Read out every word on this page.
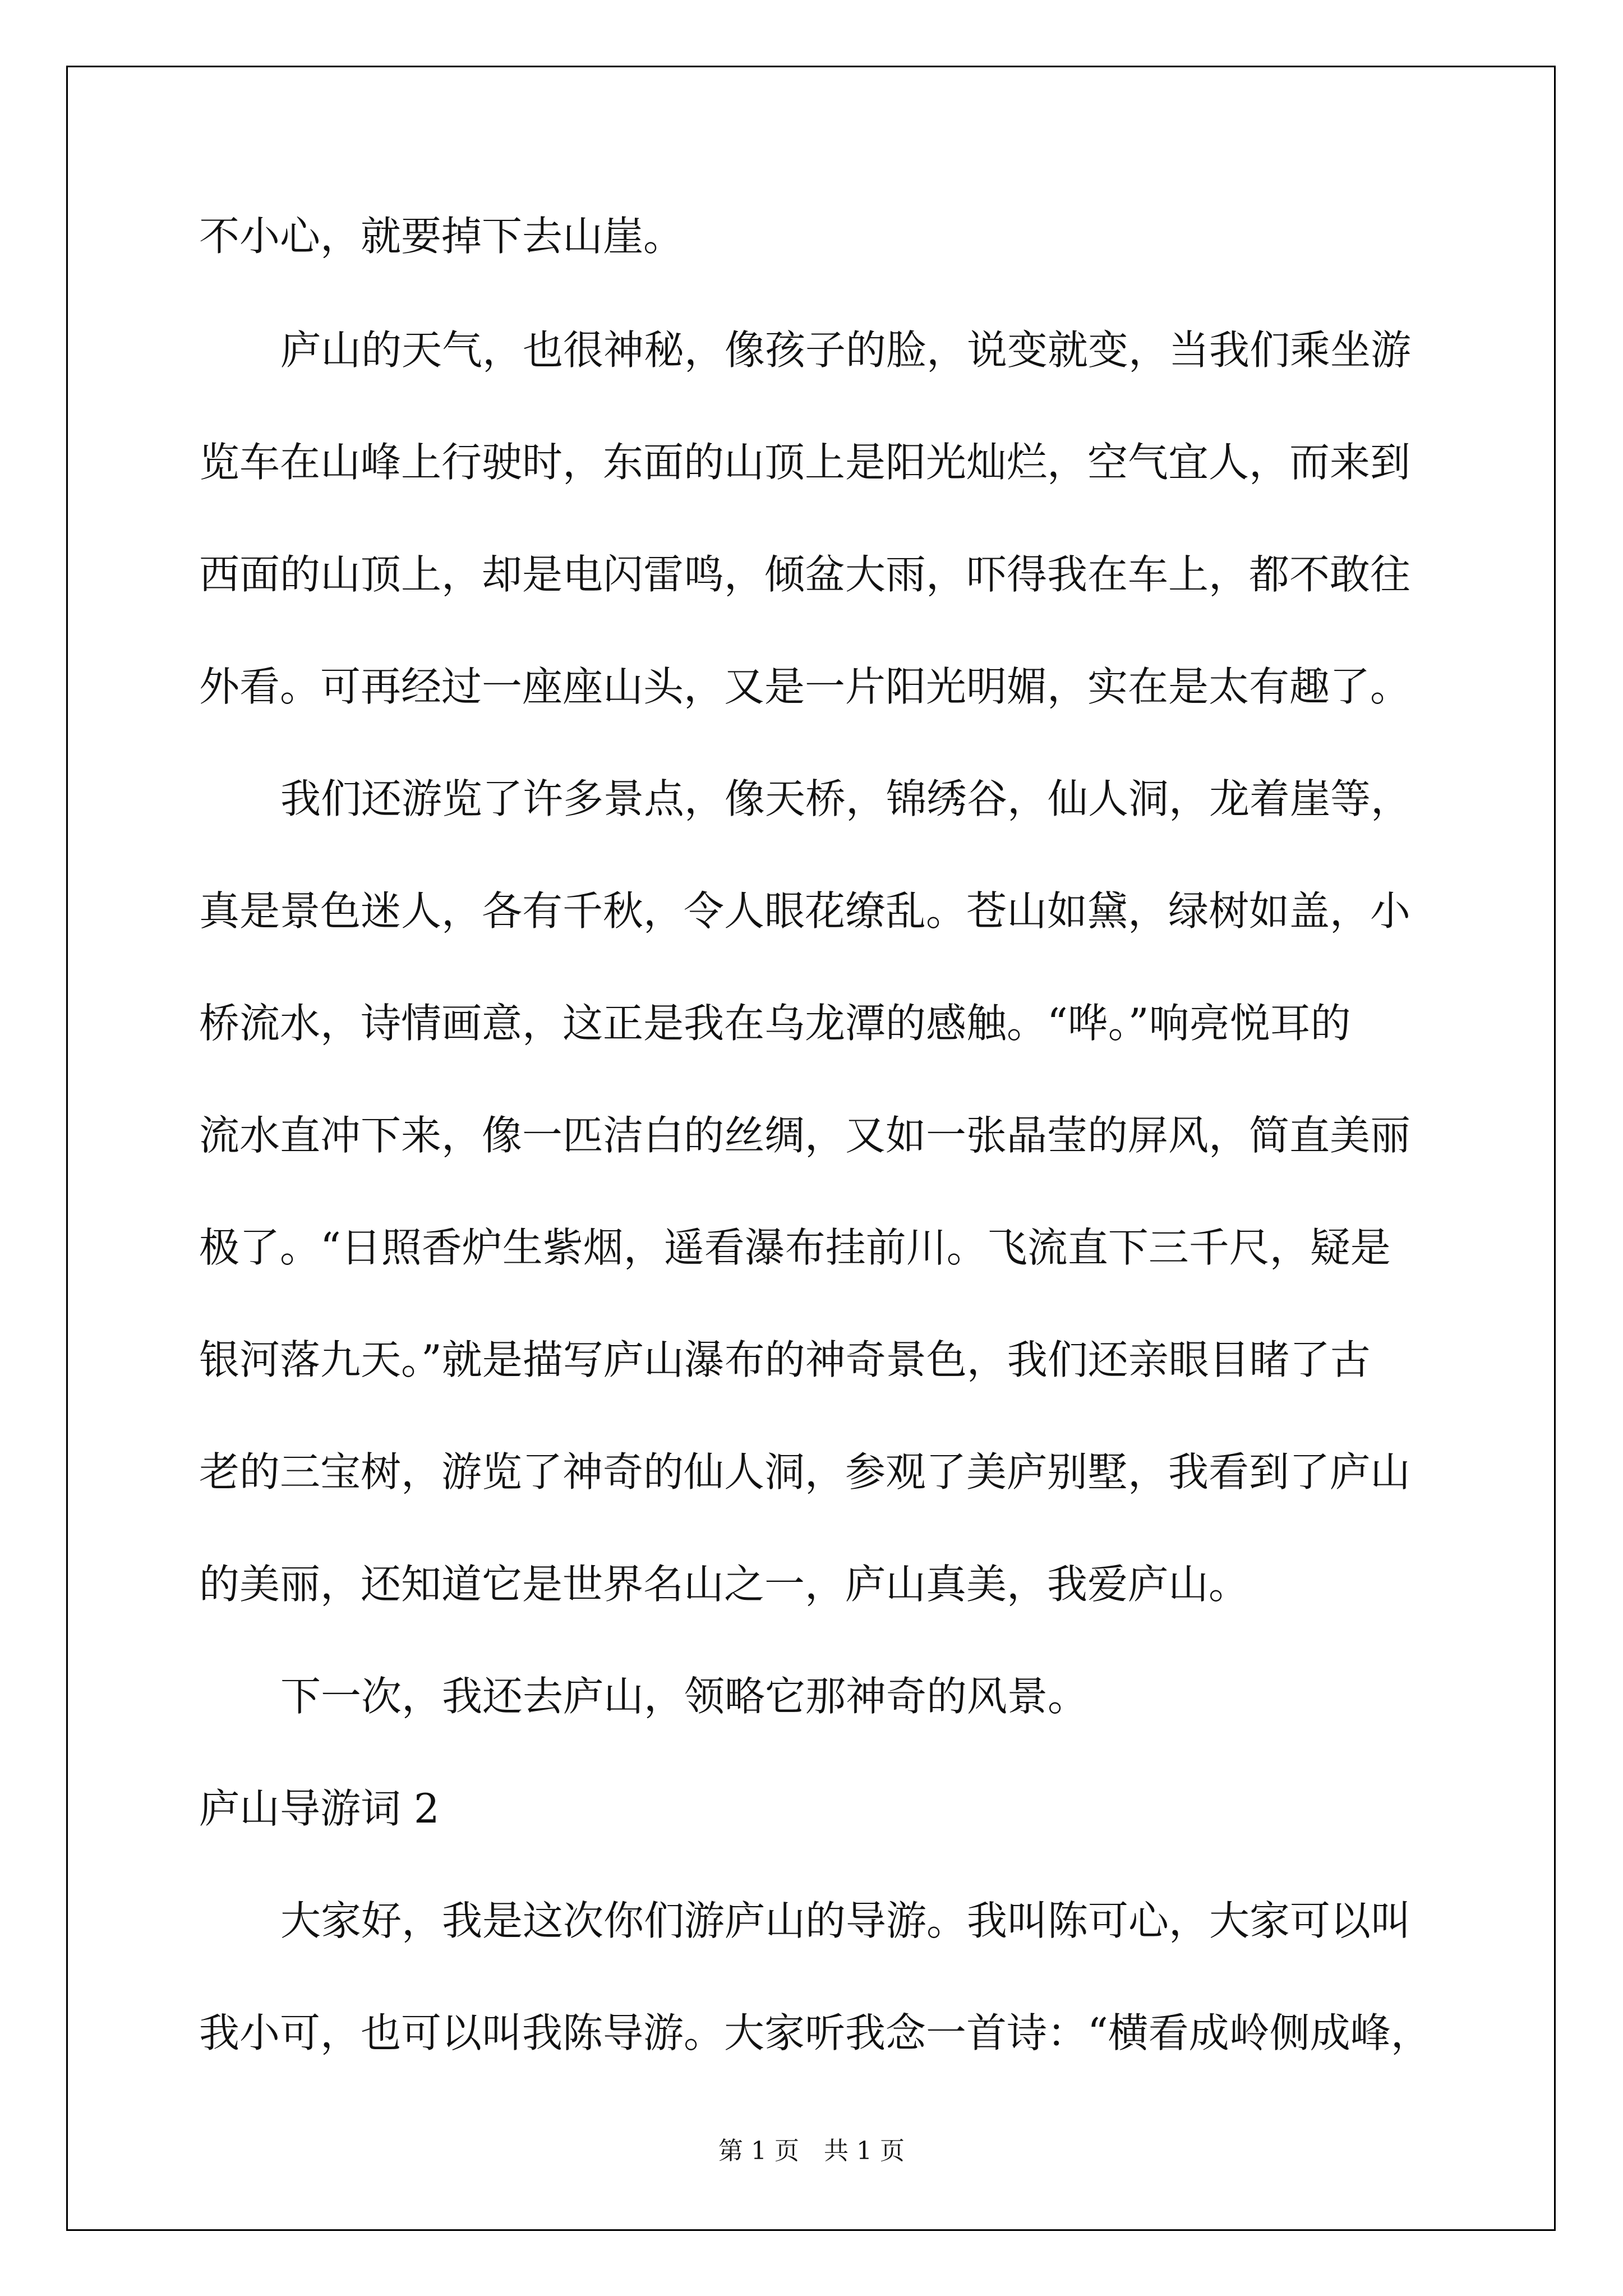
不小心，就要掉下去山崖。
庐山的天气，也很神秘，像孩子的脸，说变就变，当我们乘坐游
览车在山峰上行驶时，东面的山顶上是阳光灿烂，空气宜人，而来到
西面的山顶上，却是电闪雷鸣，倾盆大雨，吓得我在车上，都不敢往
外看。可再经过一座座山头，又是一片阳光明媚，实在是太有趣了。
我们还游览了许多景点，像天桥，锦绣谷，仙人洞，龙着崖等，
真是景色迷人，各有千秋，令人眼花缭乱。苍山如黛，绿树如盖，小
桥流水，诗情画意，这正是我在乌龙潭的感触。“哗。”响亮悦耳的
流水直冲下来，像一匹洁白的丝绸，又如一张晶莹的屏风，简直美丽
极了。“日照香炉生紫烟，遥看瀑布挂前川。飞流直下三千尺，疑是
银河落九天。”就是描写庐山瀑布的神奇景色，我们还亲眼目睹了古
老的三宝树，游览了神奇的仙人洞，参观了美庐别墅，我看到了庐山
的美丽，还知道它是世界名山之一，庐山真美，我爱庐山。
下一次，我还去庐山，领略它那神奇的风景。
庐山导游词 2
大家好，我是这次你们游庐山的导游。我叫陈可心，大家可以叫
我小可，也可以叫我陈导游。大家听我念一首诗：“横看成岭侧成峰，
第 1 页　共 1 页
